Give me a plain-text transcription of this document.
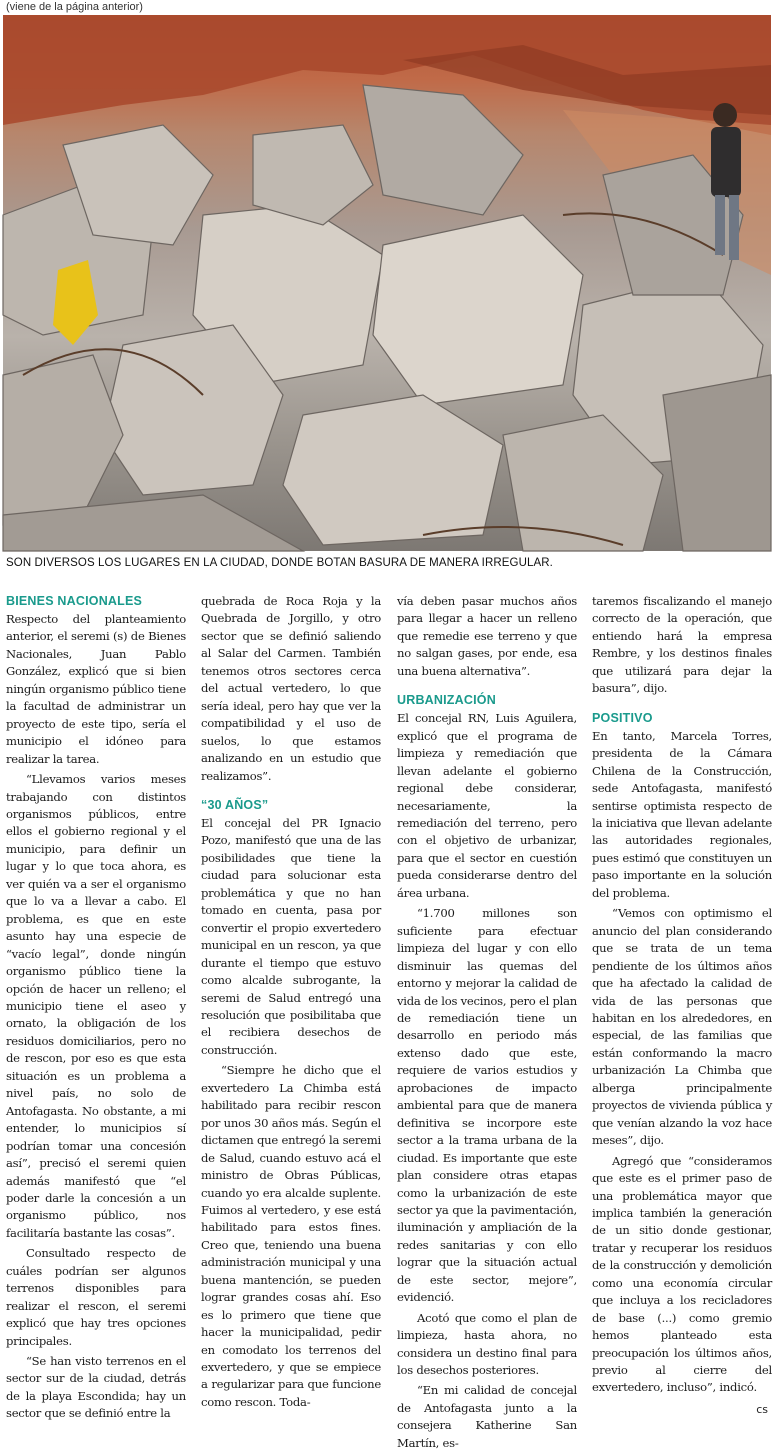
(viene de la página anterior)
SON DIVERSOS LOS LUGARES EN LA CIUDAD, DONDE BOTAN BASURA DE MANERA IRREGULAR.
BIENES NACIONALES

Respecto del planteamiento anterior, el seremi (s) de Bienes Nacionales, Juan Pablo González, explicó que si bien ningún organismo público tiene la facultad de administrar un proyecto de este tipo, sería el municipio el idóneo para realizar la tarea.

“Llevamos varios meses trabajando con distintos organismos públicos, entre ellos el gobierno regional y el municipio, para definir un lugar y lo que toca ahora, es ver quién va a ser el organismo que lo va a llevar a cabo. El problema, es que en este asunto hay una especie de “vacío legal”, donde ningún organismo público tiene la opción de hacer un relleno; el municipio tiene el aseo y ornato, la obligación de los residuos domiciliarios, pero no de rescon, por eso es que esta situación es un problema a nivel país, no solo de Antofagasta. No obstante, a mi entender, lo municipios sí podrían tomar una concesión así”, precisó el seremi quien además manifestó que “el poder darle la concesión a un organismo público, nos facilitaría bastante las cosas”.

Consultado respecto de cuáles podrían ser algunos terrenos disponibles para realizar el rescon, el seremi explicó que hay tres opciones principales.

“Se han visto terrenos en el sector sur de la ciudad, detrás de la playa Escondida; hay un sector que se definió entre la

quebrada de Roca Roja y la Quebrada de Jorgillo, y otro sector que se definió saliendo al Salar del Carmen. También tenemos otros sectores cerca del actual vertedero, lo que sería ideal, pero hay que ver la compatibilidad y el uso de suelos, lo que estamos analizando en un estudio que realizamos”.

“30 AÑOS”

El concejal del PR Ignacio Pozo, manifestó que una de las posibilidades que tiene la ciudad para solucionar esta problemática y que no han tomado en cuenta, pasa por convertir el propio exvertedero municipal en un rescon, ya que durante el tiempo que estuvo como alcalde subrogante, la seremi de Salud entregó una resolución que posibilitaba que el recibiera desechos de construcción.

“Siempre he dicho que el exvertedero La Chimba está habilitado para recibir rescon por unos 30 años más. Según el dictamen que entregó la seremi de Salud, cuando estuvo acá el ministro de Obras Públicas, cuando yo era alcalde suplente. Fuimos al vertedero, y ese está habilitado para estos fines. Creo que, teniendo una buena administración municipal y una buena mantención, se pueden lograr grandes cosas ahí. Eso es lo primero que tiene que hacer la municipalidad, pedir en comodato los terrenos del exvertedero, y que se empiece a regularizar para que funcione como rescon. Toda-

vía deben pasar muchos años para llegar a hacer un relleno que remedie ese terreno y que no salgan gases, por ende, esa una buena alternativa”.

URBANIZACIÓN

El concejal RN, Luis Aguilera, explicó que el programa de limpieza y remediación que llevan adelante el gobierno regional debe considerar, necesariamente, la remediación del terreno, pero con el objetivo de urbanizar, para que el sector en cuestión pueda considerarse dentro del área urbana.

“1.700 millones son suficiente para efectuar limpieza del lugar y con ello disminuir las quemas del entorno y mejorar la calidad de vida de los vecinos, pero el plan de remediación tiene un desarrollo en periodo más extenso dado que este, requiere de varios estudios y aprobaciones de impacto ambiental para que de manera definitiva se incorpore este sector a la trama urbana de la ciudad. Es importante que este plan considere otras etapas como la urbanización de este sector ya que la pavimentación, iluminación y ampliación de la redes sanitarias y con ello lograr que la situación actual de este sector, mejore”, evidenció.

Acotó que como el plan de limpieza, hasta ahora, no considera un destino final para los desechos posteriores.

“En mi calidad de concejal de Antofagasta junto a la consejera Katherine San Martín, es-

taremos fiscalizando el manejo correcto de la operación, que entiendo hará la empresa Rembre, y los destinos finales que utilizará para dejar la basura”, dijo.

POSITIVO

En tanto, Marcela Torres, presidenta de la Cámara Chilena de la Construcción, sede Antofagasta, manifestó sentirse optimista respecto de la iniciativa que llevan adelante las autoridades regionales, pues estimó que constituyen un paso importante en la solución del problema.

“Vemos con optimismo el anuncio del plan considerando que se trata de un tema pendiente de los últimos años que ha afectado la calidad de vida de las personas que habitan en los alrededores, en especial, de las familias que están conformando la macro urbanización La Chimba que alberga principalmente proyectos de vivienda pública y que venían alzando la voz hace meses”, dijo.

Agregó que “consideramos que este es el primer paso de una problemática mayor que implica también la generación de un sitio donde gestionar, tratar y recuperar los residuos de la construcción y demolición como una economía circular que incluya a los recicladores de base (...) como gremio hemos planteado esta preocupación los últimos años, previo al cierre del exvertedero, incluso”, indicó.

cs
